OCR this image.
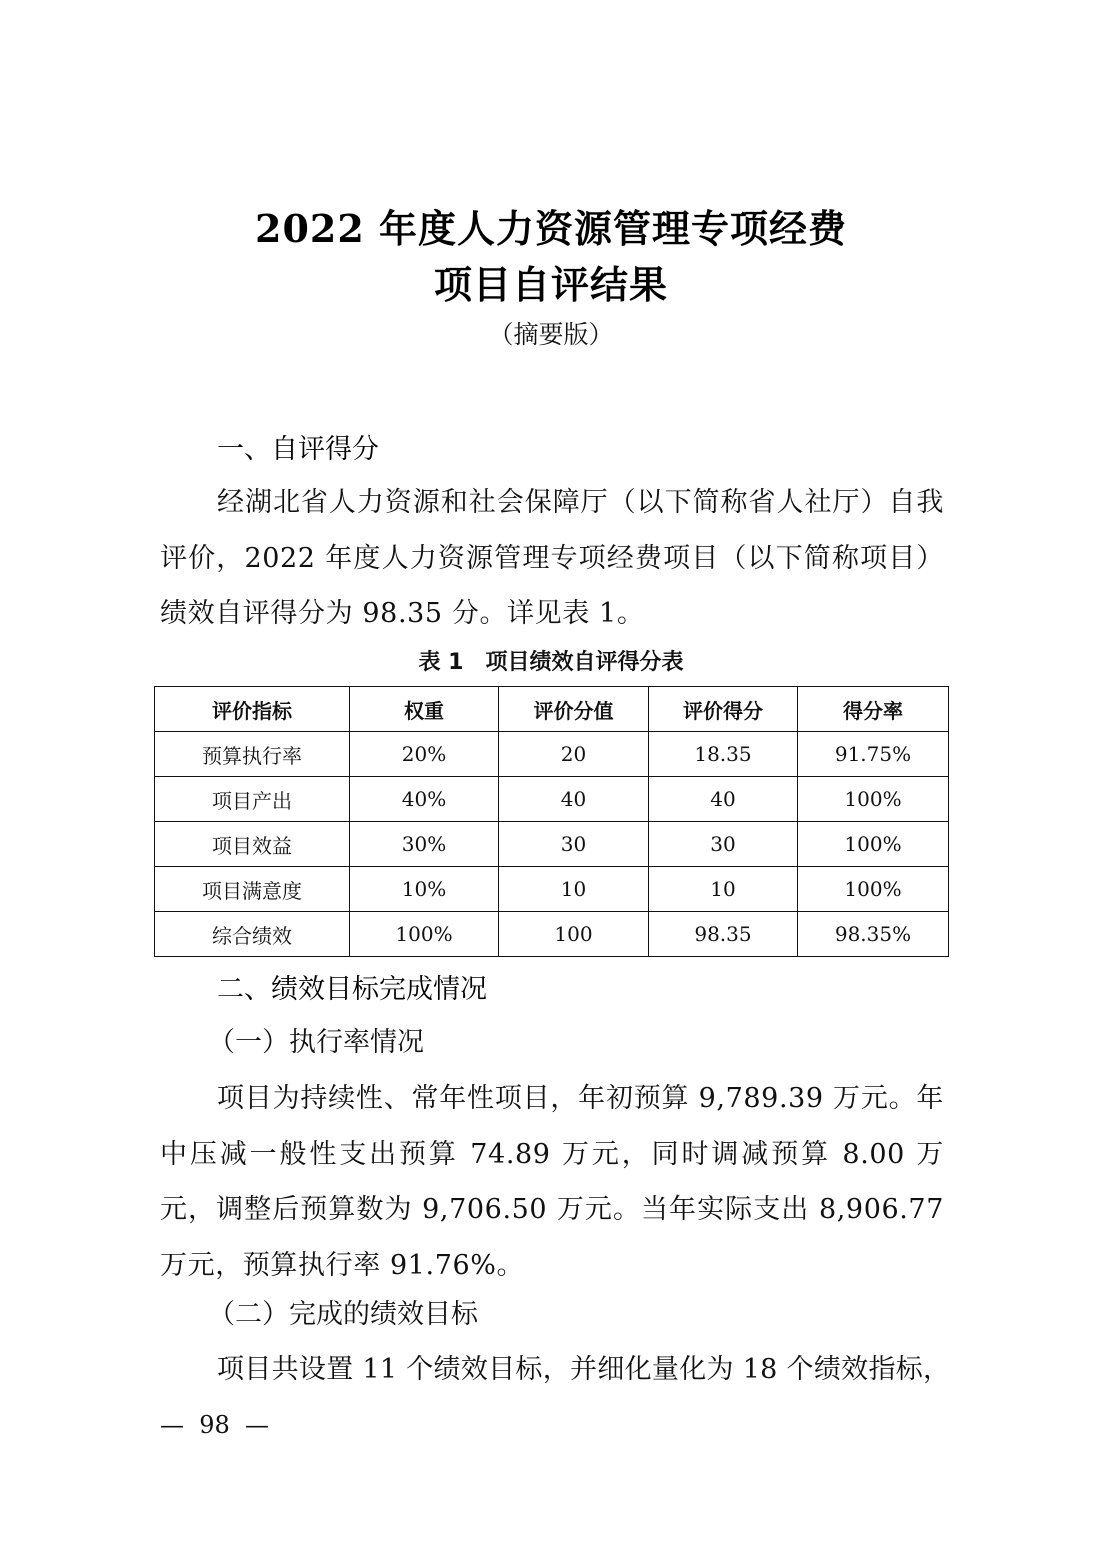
2022 年度人力资源管理专项经费
项目自评结果
（摘要版）
一、自评得分
经湖北省人力资源和社会保障厅（以下简称省人社厅）自我评价，2022 年度人力资源管理专项经费项目（以下简称项目）绩效自评得分为 98.35 分。详见表 1。
表 1　项目绩效自评得分表
评价指标	权重	评价分值	评价得分	得分率
预算执行率	20%	20	18.35	91.75%
项目产出	40%	40	40	100%
项目效益	30%	30	30	100%
项目满意度	10%	10	10	100%
综合绩效	100%	100	98.35	98.35%
二、绩效目标完成情况
（一）执行率情况
项目为持续性、常年性项目，年初预算 9,789.39 万元。年中压减一般性支出预算 74.89 万元，同时调减预算 8.00 万元，调整后预算数为 9,706.50 万元。当年实际支出 8,906.77 万元，预算执行率 91.76%。
（二）完成的绩效目标
项目共设置 11 个绩效目标，并细化量化为 18 个绩效指标，
—  98  —
